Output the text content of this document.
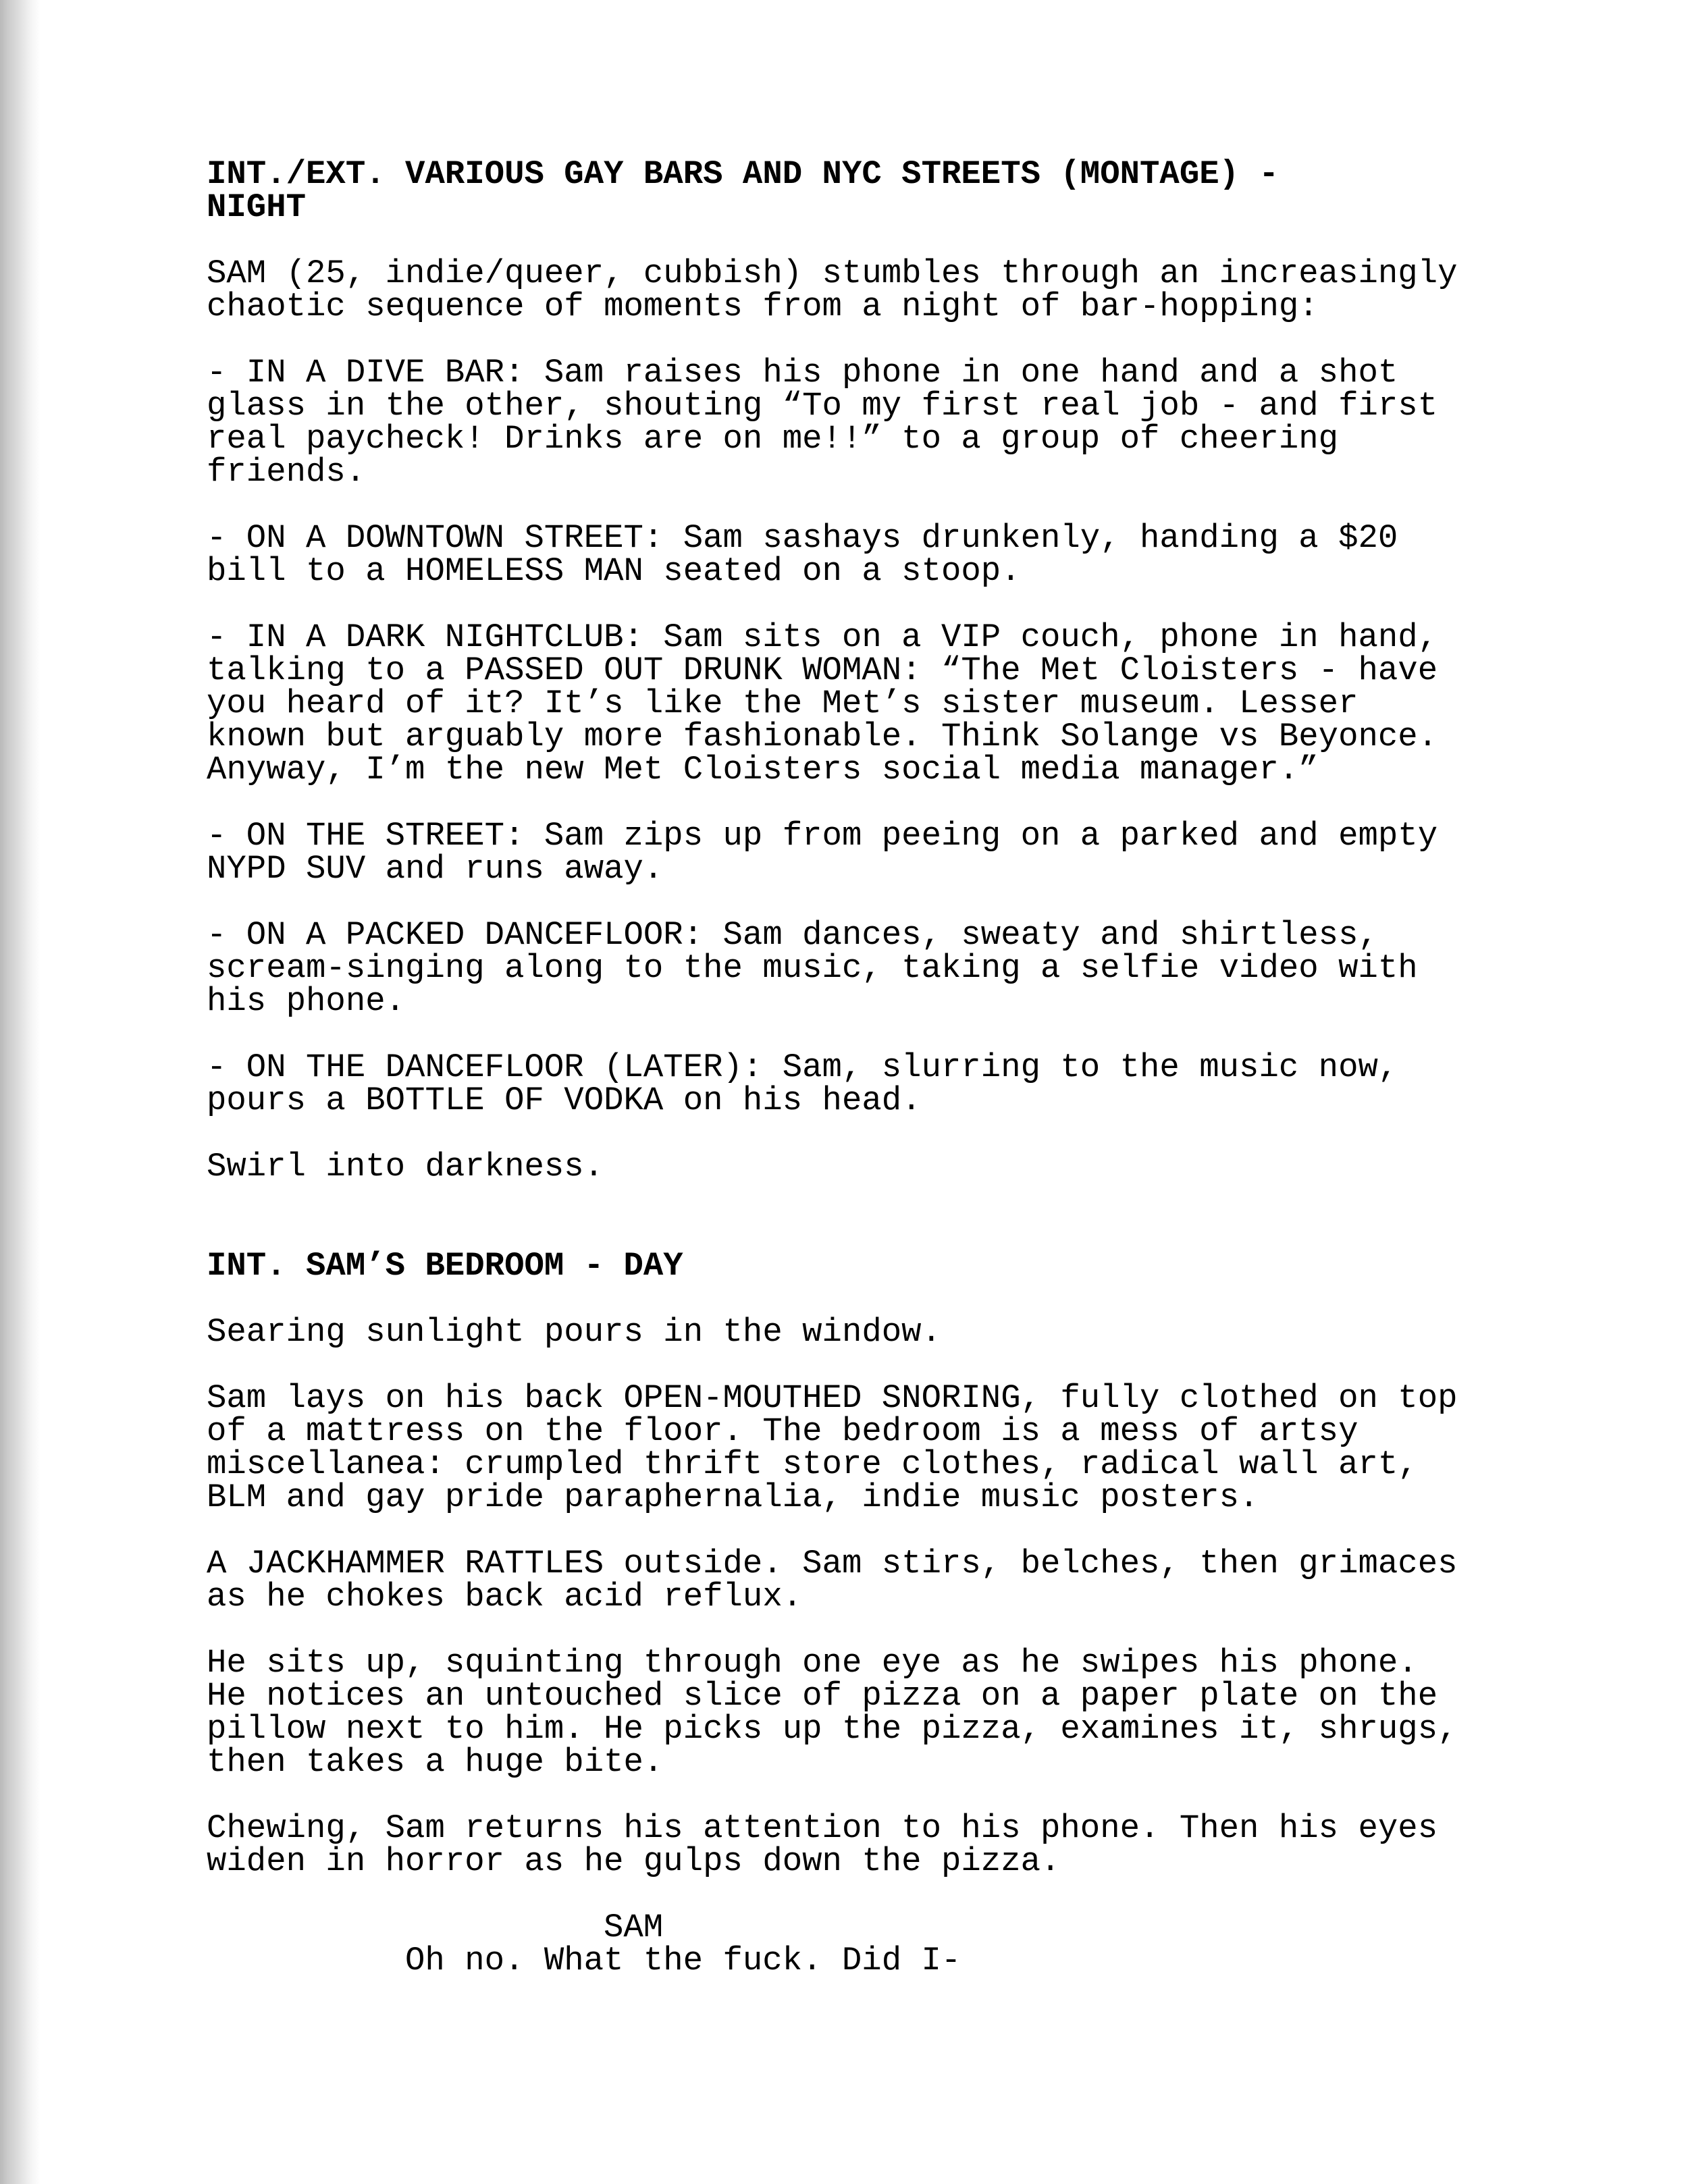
INT./EXT. VARIOUS GAY BARS AND NYC STREETS (MONTAGE) -
NIGHT
SAM (25, indie/queer, cubbish) stumbles through an increasingly
chaotic sequence of moments from a night of bar-hopping:
- IN A DIVE BAR: Sam raises his phone in one hand and a shot
glass in the other, shouting “To my first real job - and first
real paycheck! Drinks are on me!!” to a group of cheering
friends.
- ON A DOWNTOWN STREET: Sam sashays drunkenly, handing a $20
bill to a HOMELESS MAN seated on a stoop.
- IN A DARK NIGHTCLUB: Sam sits on a VIP couch, phone in hand,
talking to a PASSED OUT DRUNK WOMAN: “The Met Cloisters - have
you heard of it? It’s like the Met’s sister museum. Lesser
known but arguably more fashionable. Think Solange vs Beyonce.
Anyway, I’m the new Met Cloisters social media manager.”
- ON THE STREET: Sam zips up from peeing on a parked and empty
NYPD SUV and runs away.
- ON A PACKED DANCEFLOOR: Sam dances, sweaty and shirtless,
scream-singing along to the music, taking a selfie video with
his phone.
- ON THE DANCEFLOOR (LATER): Sam, slurring to the music now,
pours a BOTTLE OF VODKA on his head.
Swirl into darkness.
INT. SAM’S BEDROOM - DAY
Searing sunlight pours in the window.
Sam lays on his back OPEN-MOUTHED SNORING, fully clothed on top
of a mattress on the floor. The bedroom is a mess of artsy
miscellanea: crumpled thrift store clothes, radical wall art,
BLM and gay pride paraphernalia, indie music posters.
A JACKHAMMER RATTLES outside. Sam stirs, belches, then grimaces
as he chokes back acid reflux.
He sits up, squinting through one eye as he swipes his phone.
He notices an untouched slice of pizza on a paper plate on the
pillow next to him. He picks up the pizza, examines it, shrugs,
then takes a huge bite.
Chewing, Sam returns his attention to his phone. Then his eyes
widen in horror as he gulps down the pizza.
SAM
Oh no. What the fuck. Did I-
